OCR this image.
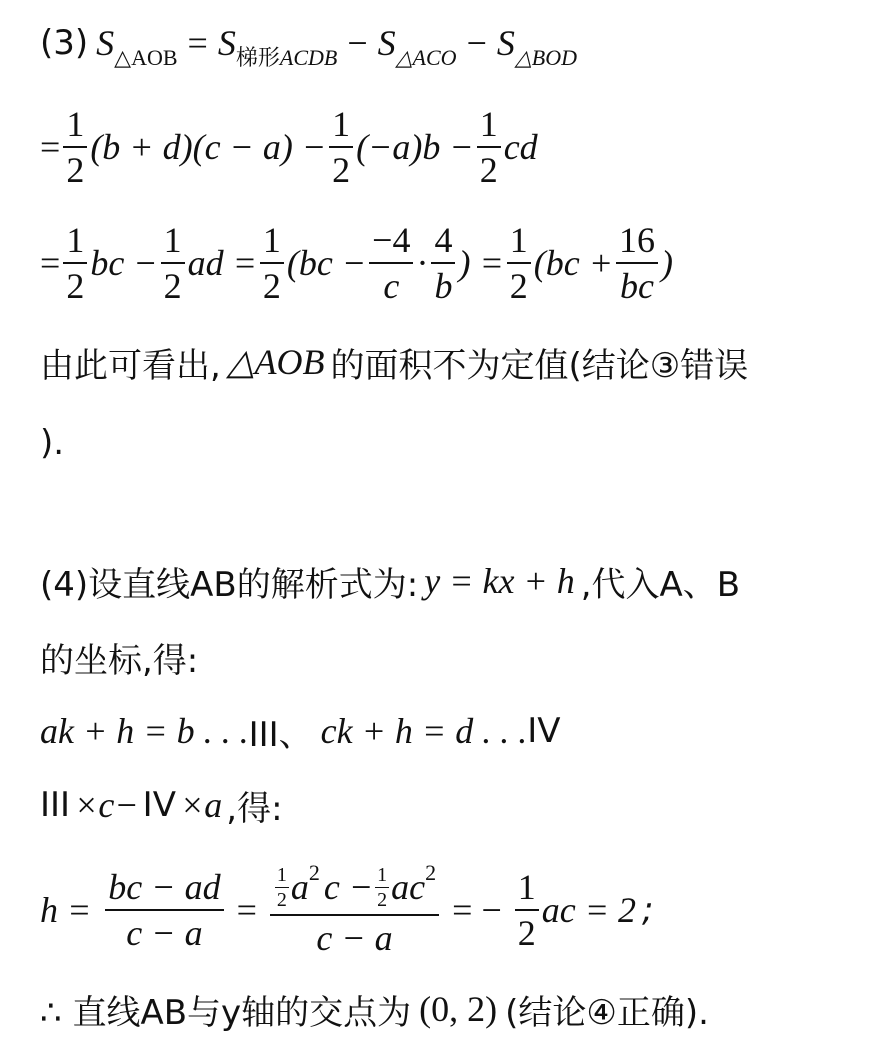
(3) $S_{\triangle AOB} = S_{梯形ACDB} - S_{\triangle ACO} - S_{\triangle BOD}$
= $\frac{1}{2} (b + d)(c - a) - \frac{1}{2} (-a)b - \frac{1}{2}$ cd
= $\frac{1}{2}$ bc − $\frac{1}{2}$ ad = $\frac{1}{2} (bc - \frac{-4}{c} \cdot \frac{4}{b}$ ) = $\frac{1}{2} (bc + \frac{16}{bc}$ )
由此可看出, △AOB 的面积不为定值(结论③错误
).
(4)设直线AB的解析式为: y = kx + h ,代入A、B
的坐标,得:
ak + h = b . . . III、 ck + h = d . . . IV
III ×c− IV ×a ,得:
$h = \frac{bc - ad}{c - a} = \frac{\frac{1}{2} a 2 c - \frac{1}{2} ac 2}{c - a}$ = − $\frac{1}{2}$ ac = 2 ;
∴ 直线AB与y轴的交点为 (0, 2) (结论④正确).
